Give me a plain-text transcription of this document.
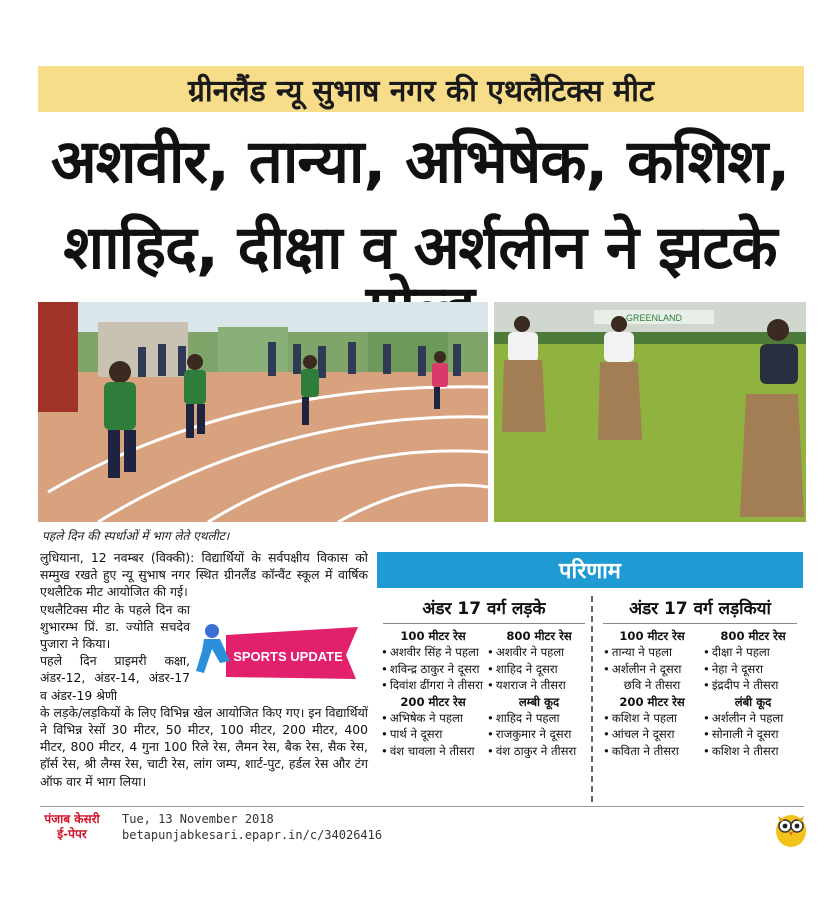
ग्रीनलैंड न्यू सुभाष नगर की एथलैटिक्स मीट
अशवीर, तान्या, अभिषेक, कशिश,
शाहिद, दीक्षा व अर्शलीन ने झटके
GREENLAND
पहले दिन की स्पर्धाओं में भाग लेते एथलीट।

लुधियाना, 12 नवम्बर (विक्की): विद्यार्थियों के सर्वपक्षीय विकास को सम्मुख रखते हुए न्यू सुभाष नगर स्थित ग्रीनलैंड कॉन्वैंट स्कूल में वार्षिक एथलैटिक मीट आयोजित की गई।

एथलैटिक्स मीट के पहले दिन का शुभारम्भ प्रिं. डा. ज्योति सचदेव पुजारा ने किया।

पहले दिन प्राइमरी कक्षा, अंडर-12, अंडर-14, अंडर-17 व अंडर-19 श्रेणी

के लड़के/लड़कियों के लिए विभिन्न खेल आयोजित किए गए। इन विद्यार्थियों ने विभिन्न रेसों 30 मीटर, 50 मीटर, 100 मीटर, 200 मीटर, 400 मीटर, 800 मीटर, 4 गुना 100 रिले रेस, लैमन रेस, बैक रेस, सैक रेस, हॉर्स रेस, श्री लैग्स रेस, चाटी रेस, लांग जम्प, शार्ट-पुट, हर्डल रेस और टंग ऑफ वार में भाग लिया।

SPORTS UPDATE
परिणाम
अंडर 17 वर्ग लड़के
100 मीटर रेस
• अशवीर सिंह ने पहला
• शविन्द्र ठाकुर ने दूसरा
• दिवांश ढींगरा ने तीसरा
200 मीटर रेस
• अभिषेक ने पहला
• पार्थ ने दूसरा
• वंश चावला ने तीसरा
800 मीटर रेस
• अशवीर ने पहला
• शाहिद ने दूसरा
• यशराज ने तीसरा
लम्बी कूद
• शाहिद ने पहला
• राजकुमार ने दूसरा
• वंश ठाकुर ने तीसरा
अंडर 17 वर्ग लड़कियां
100 मीटर रेस
• तान्या ने पहला
• अर्शलीन ने दूसरा
छवि ने तीसरा
200 मीटर रेस
• कशिश ने पहला
• आंचल ने दूसरा
• कविता ने तीसरा
800 मीटर रेस
• दीक्षा ने पहला
• नेहा ने दूसरा
• इंद्रदीप ने तीसरा
लंबी कूद
• अर्शलीन ने पहला
• सोनाली ने दूसरा
• कशिश ने तीसरा
पंजाब केसरी
ई-पेपर
Tue, 13 November 2018
betapunjabkesari.epapr.in/c/34026416
